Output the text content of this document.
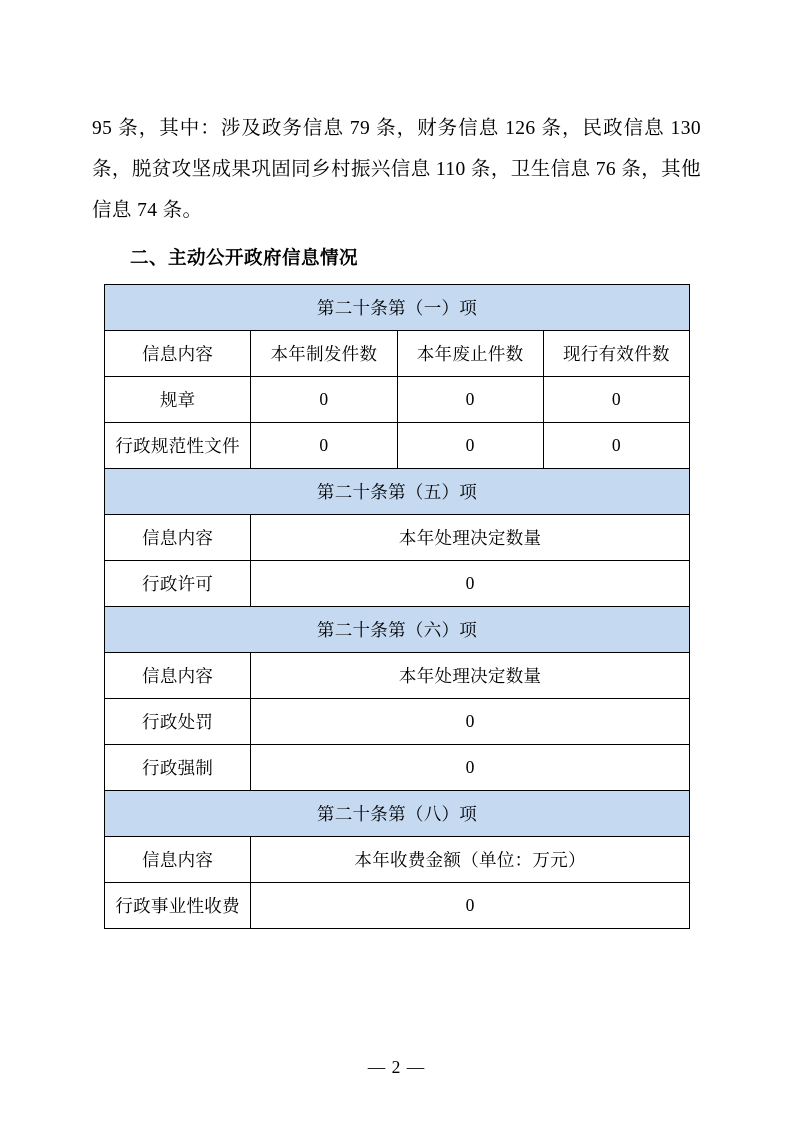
95 条，其中：涉及政务信息 79 条，财务信息 126 条，民政信息 130 条，脱贫攻坚成果巩固同乡村振兴信息 110 条，卫生信息 76 条，其他信息 74 条。

二、主动公开政府信息情况
第二十条第（一）项			
信息内容	本年制发件数	本年废止件数	现行有效件数
规章	0	0	0
行政规范性文件	0	0	0
第二十条第（五）项			
信息内容	本年处理决定数量		
行政许可	0		
第二十条第（六）项			
信息内容	本年处理决定数量		
行政处罚	0		
行政强制	0		
第二十条第（八）项			
信息内容	本年收费金额（单位：万元）		
行政事业性收费	0		
— 2 —
